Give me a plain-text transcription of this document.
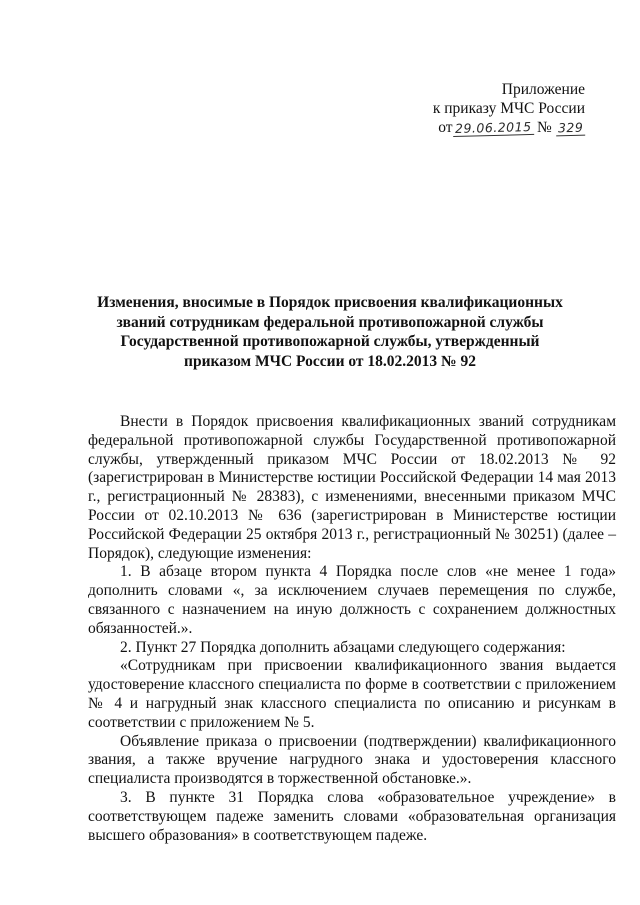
Приложение
к приказу МЧС России
от 29.06.2015 № 329
Изменения, вносимые в Порядок присвоения квалификационных
званий сотрудникам федеральной противопожарной службы
Государственной противопожарной службы, утвержденный
приказом МЧС России от 18.02.2013 № 92

Внести в Порядок присвоения квалификационных званий сотрудникам федеральной противопожарной службы Государственной противопожарной службы, утвержденный приказом МЧС России от 18.02.2013 № 92 (зарегистрирован в Министерстве юстиции Российской Федерации 14 мая 2013 г., регистрационный № 28383), с изменениями, внесенными приказом МЧС России от 02.10.2013 № 636 (зарегистрирован в Министерстве юстиции Российской Федерации 25 октября 2013 г., регистрационный № 30251) (далее – Порядок), следующие изменения:

1. В абзаце втором пункта 4 Порядка после слов «не менее 1 года» дополнить словами «, за исключением случаев перемещения по службе, связанного с назначением на иную должность с сохранением должностных обязанностей.».

2. Пункт 27 Порядка дополнить абзацами следующего содержания:

«Сотрудникам при присвоении квалификационного звания выдается удостоверение классного специалиста по форме в соответствии с приложением № 4 и нагрудный знак классного специалиста по описанию и рисункам в соответствии с приложением № 5.

Объявление приказа о присвоении (подтверждении) квалификационного звания, а также вручение нагрудного знака и удостоверения классного специалиста производятся в торжественной обстановке.».

3. В пункте 31 Порядка слова «образовательное учреждение» в соответствующем падеже заменить словами «образовательная организация высшего образования» в соответствующем падеже.
